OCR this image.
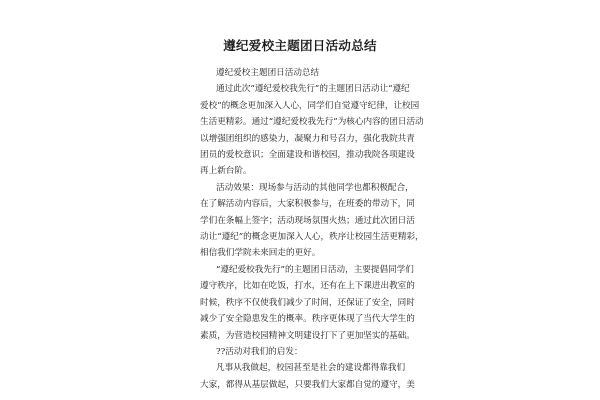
遵纪爱校主题团日活动总结
遵纪爱校主题团日活动总结
通过此次“遵纪爱校我先行”的主题团日活动让“遵纪
爱校”的概念更加深入人心，同学们自觉遵守纪律，让校园
生活更精彩。通过“遵纪爱校我先行”为核心内容的团日活动
以增强团组织的感染力，凝聚力和号召力，强化我院共青
团员的爱校意识；全面建设和谐校园，推动我院各项建设
再上新台阶。
活动效果：现场参与活动的其他同学也都积极配合，
在了解活动内容后，大家积极参与，在班委的带动下，同
学们在条幅上签字；活动现场氛围火热；通过此次团日活
动让“遵纪”的概念更加深入人心，秩序让校园生活更精彩，
相信我们学院未来回走的更好。
“遵纪爱校我先行”的主题团日活动，主要提倡同学们
遵守秩序，比如在吃饭，打水，还有在上下课进出教室的
时候，秩序不仅使我们减少了时间，还保证了安全，同时
减少了安全隐患发生的概率。秩序更体现了当代大学生的
素质，为营造校园精神文明建设打下了更加坚实的基础。
??活动对我们的启发：
凡事从我做起，校园甚至是社会的建设都得靠我们
大家，都得从基层做起，只要我们大家都自觉的遵守，美
